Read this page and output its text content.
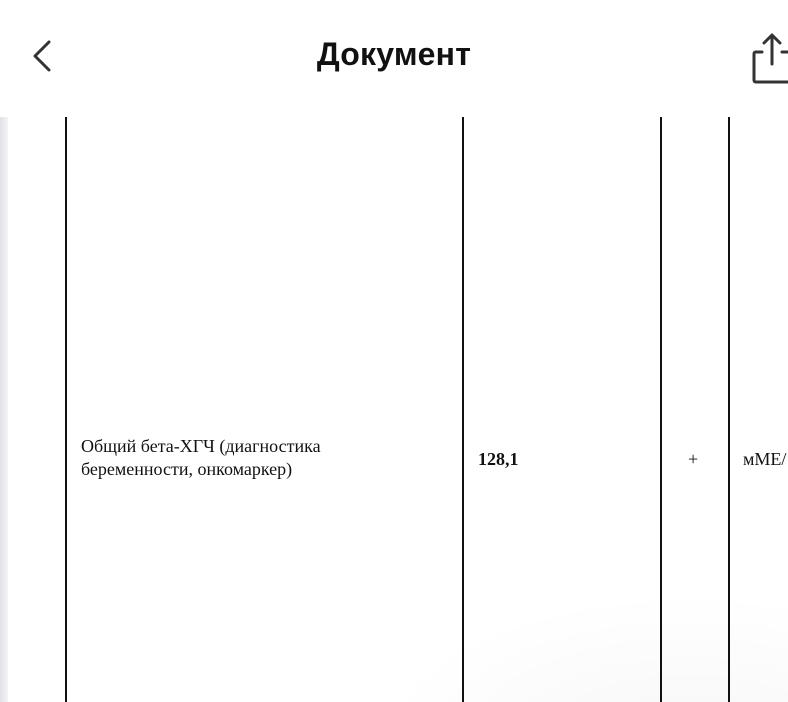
Документ
Общий бета-ХГЧ (диагностика
беременности, онкомаркер)	128,1	+ мМЕ/
